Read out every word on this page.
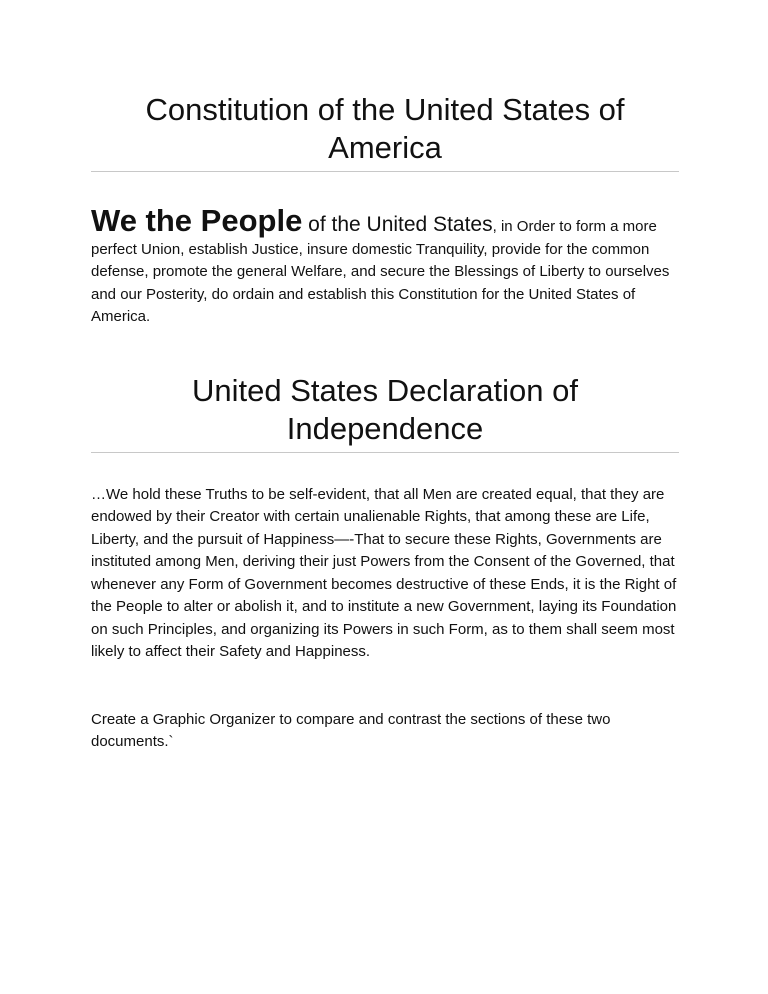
Constitution of the United States of America
We the People of the United States, in Order to form a more perfect Union, establish Justice, insure domestic Tranquility, provide for the common defense, promote the general Welfare, and secure the Blessings of Liberty to ourselves and our Posterity, do ordain and establish this Constitution for the United States of America.
United States Declaration of Independence

…We hold these Truths to be self-evident, that all Men are created equal, that they are endowed by their Creator with certain unalienable Rights, that among these are Life, Liberty, and the pursuit of Happiness—-That to secure these Rights, Governments are instituted among Men, deriving their just Powers from the Consent of the Governed, that whenever any Form of Government becomes destructive of these Ends, it is the Right of the People to alter or abolish it, and to institute a new Government, laying its Foundation on such Principles, and organizing its Powers in such Form, as to them shall seem most likely to affect their Safety and Happiness.

Create a Graphic Organizer to compare and contrast the sections of these two documents.`
